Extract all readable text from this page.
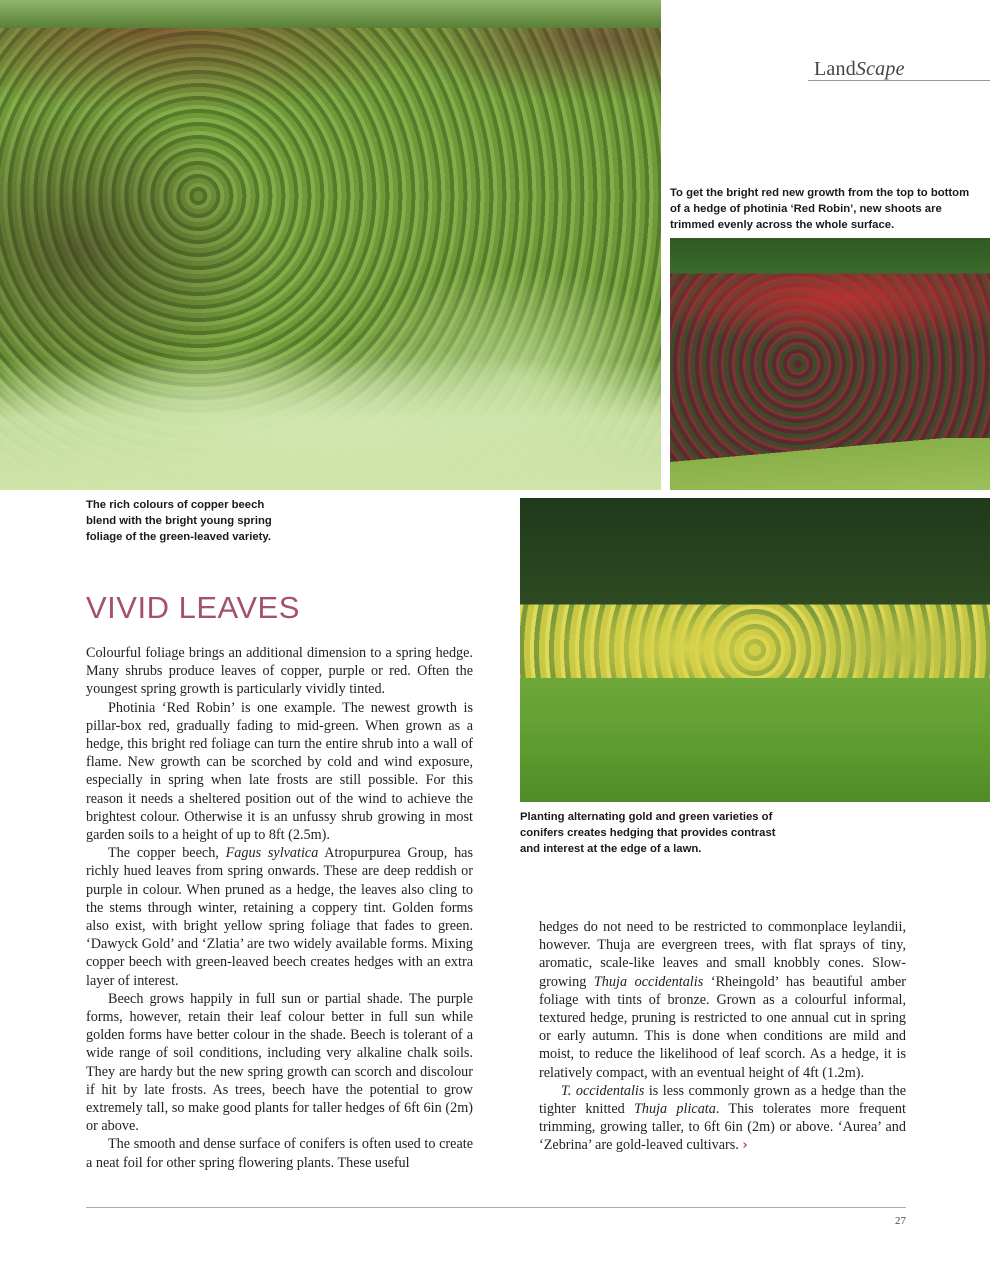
LandScape

To get the bright red new growth from the top to bottom of a hedge of photinia ‘Red Robin’, new shoots are trimmed evenly across the whole surface.

The rich colours of copper beech blend with the bright young spring foliage of the green-leaved variety.

Planting alternating gold and green varieties of conifers creates hedging that provides contrast and interest at the edge of a lawn.

VIVID LEAVES

Colourful foliage brings an additional dimension to a spring hedge. Many shrubs produce leaves of copper, purple or red. Often the youngest spring growth is particularly vividly tinted.

Photinia ‘Red Robin’ is one example. The newest growth is pillar-box red, gradually fading to mid-green. When grown as a hedge, this bright red foliage can turn the entire shrub into a wall of flame. New growth can be scorched by cold and wind exposure, especially in spring when late frosts are still possible. For this reason it needs a sheltered position out of the wind to achieve the brightest colour. Otherwise it is an unfussy shrub growing in most garden soils to a height of up to 8ft (2.5m).

The copper beech, Fagus sylvatica Atropurpurea Group, has richly hued leaves from spring onwards. These are deep reddish or purple in colour. When pruned as a hedge, the leaves also cling to the stems through winter, retaining a coppery tint. Golden forms also exist, with bright yellow spring foliage that fades to green. ‘Dawyck Gold’ and ‘Zlatia’ are two widely available forms. Mixing copper beech with green-leaved beech creates hedges with an extra layer of interest.

Beech grows happily in full sun or partial shade. The purple forms, however, retain their leaf colour better in full sun while golden forms have better colour in the shade. Beech is tolerant of a wide range of soil conditions, including very alkaline chalk soils. They are hardy but the new spring growth can scorch and discolour if hit by late frosts. As trees, beech have the potential to grow extremely tall, so make good plants for taller hedges of 6ft 6in (2m) or above.

The smooth and dense surface of conifers is often used to create a neat foil for other spring flowering plants. These useful

hedges do not need to be restricted to commonplace leylandii, however. Thuja are evergreen trees, with flat sprays of tiny, aromatic, scale-like leaves and small knobbly cones. Slow-growing Thuja occidentalis ‘Rheingold’ has beautiful amber foliage with tints of bronze. Grown as a colourful informal, textured hedge, pruning is restricted to one annual cut in spring or early autumn. This is done when conditions are mild and moist, to reduce the likelihood of leaf scorch. As a hedge, it is relatively compact, with an eventual height of 4ft (1.2m).

T. occidentalis is less commonly grown as a hedge than the tighter knitted Thuja plicata. This tolerates more frequent trimming, growing taller, to 6ft 6in (2m) or above. ‘Aurea’ and ‘Zebrina’ are gold-leaved cultivars. ›

27
